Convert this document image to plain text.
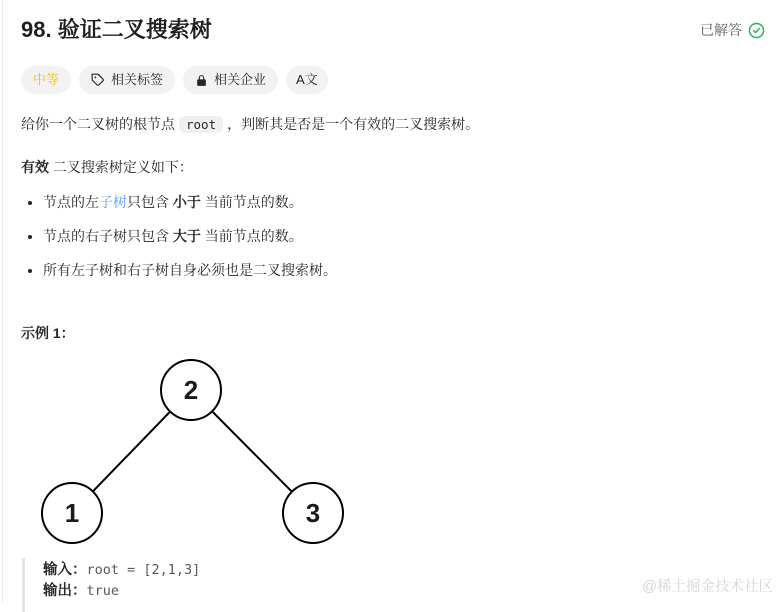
98. 验证二叉搜索树	已解答
中等	相关标签	相关企业 A文

给你一个二叉树的根节点 root ，判断其是否是一个有效的二叉搜索树。

有效 二叉搜索树定义如下：

• 节点的左子树只包含 小于 当前节点的数。
• 节点的右子树只包含 大于 当前节点的数。
• 所有左子树和右子树自身必须也是二叉搜索树。
示例 1：
2
1	3

输入：root = [2,1,3]

输出：true	@稀土掘金技术社区
